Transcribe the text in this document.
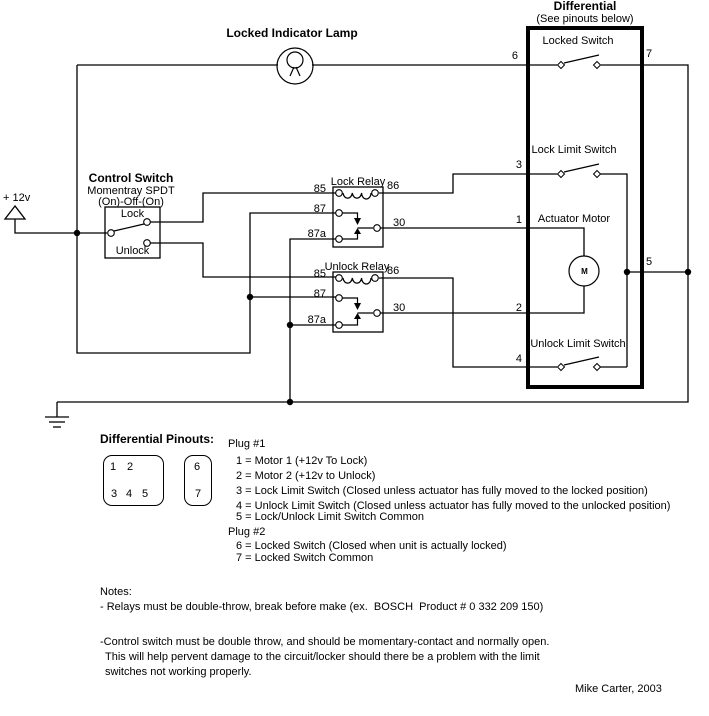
Locked Indicator Lamp
Differential
(See pinouts below)
Locked Switch
Lock Limit Switch
Actuator Motor
Unlock Limit Switch
M
6	7
3
1
2
4
5
+ 12v
Control Switch
Momentray SPDT
(On)-Off-(On)
Lock
Unlock
Lock Relay
85
87
87a
86
30
Unlock Relay
85
87
87a
86
30
Differential Pinouts:
1 2
3 4 5
6
7
Plug #1
1 = Motor 1 (+12v To Lock)
2 = Motor 2 (+12v to Unlock)
3 = Lock Limit Switch (Closed unless actuator has fully moved to the locked position)
4 = Unlock Limit Switch (Closed unless actuator has fully moved to the unlocked position)
5 = Lock/Unlock Limit Switch Common
Plug #2
6 = Locked Switch (Closed when unit is actually locked)
7 = Locked Switch Common
Notes:
- Relays must be double-throw, break before make (ex.  BOSCH  Product # 0 332 209 150)
-Control switch must be double throw, and should be momentary-contact and normally open.
This will help pervent damage to the circuit/locker should there be a problem with the limit
switches not working properly.
Mike Carter, 2003
